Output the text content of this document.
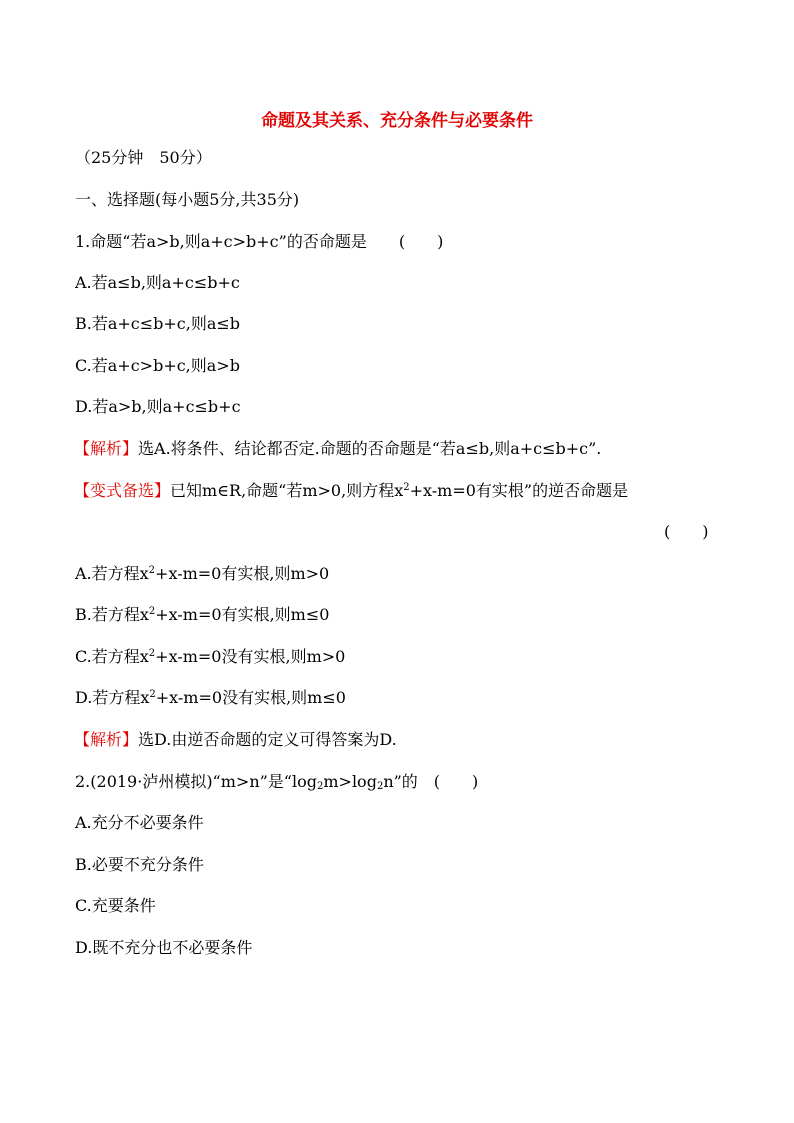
命题及其关系、充分条件与必要条件
（25分钟　50分）
一、选择题(每小题5分,共35分)
1.命题“若a>b,则a+c>b+c”的否命题是　　(　　)
A.若a≤b,则a+c≤b+c
B.若a+c≤b+c,则a≤b
C.若a+c>b+c,则a>b
D.若a>b,则a+c≤b+c
【解析】选A.将条件、结论都否定.命题的否命题是“若a≤b,则a+c≤b+c”.
【变式备选】已知m∈R,命题“若m>0,则方程$x^2+x-m=0$有实根”的逆否命题是
(　　)
A.若方程$x^2+x-m=0$有实根,则m>0
B.若方程$x^2+x-m=0$有实根,则m≤0
C.若方程$x^2+x-m=0$没有实根,则m>0
D.若方程$x^2+x-m=0$没有实根,则m≤0
【解析】选D.由逆否命题的定义可得答案为D.
2.(2019·泸州模拟)“m>n”是“$\log_2m>\log_2n$”的　(　　)
A.充分不必要条件
B.必要不充分条件
C.充要条件
D.既不充分也不必要条件
